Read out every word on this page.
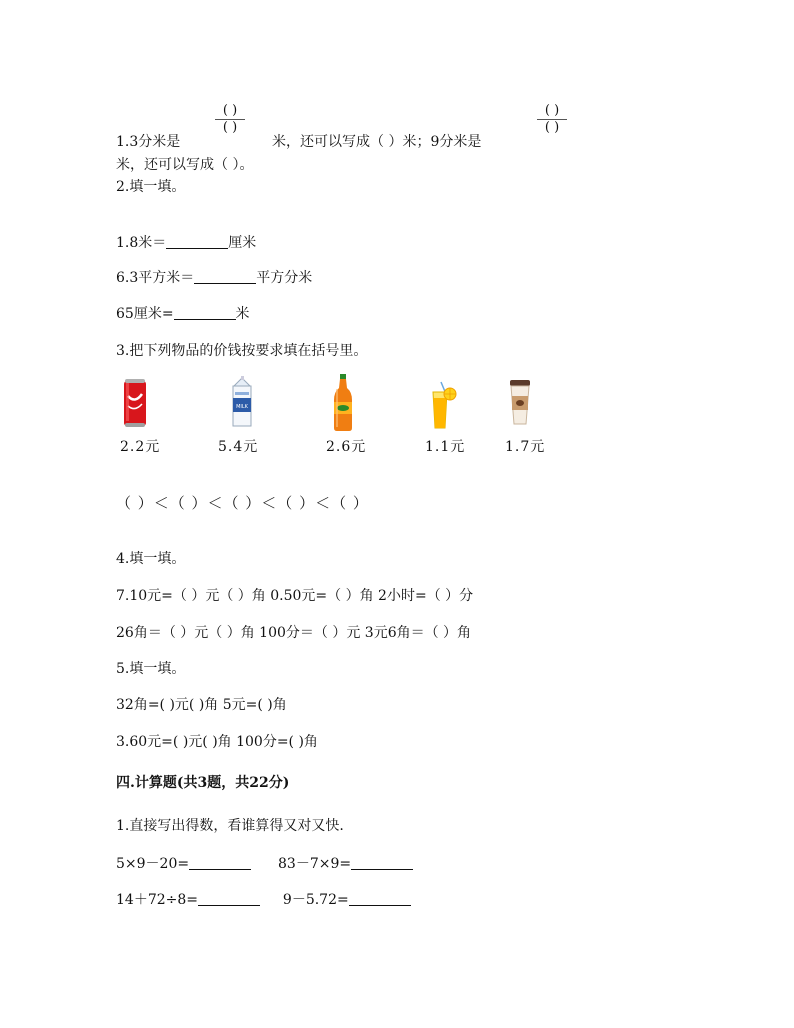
( )
( )
( )
( )
1.3分米是	米，还可以写成（ ）米；9分米是
米，还可以写成（ ）。
2.填一填。
1.8米＝	厘米
6.3平方米＝	平方分米
65厘米=	米
3.把下列物品的价钱按要求填在括号里。
MILK
2.2元	5.4元	2.6元	1.1元	1.7元
（ ）＜（ ）＜（ ）＜（ ）＜（ ）
4.填一填。
7.10元=（ ）元（ ）角 0.50元=（ ）角 2小时=（ ）分
26角＝（ ）元（ ）角 100分＝（ ）元 3元6角＝（ ）角
5.填一填。
32角=( )元( )角 5元=( )角
3.60元=( )元( )角 100分=( )角
四.计算题(共3题，共22分)
1.直接写出得数，看谁算得又对又快.
5×9－20=	83－7×9=
14＋72÷8=	9－5.72=
